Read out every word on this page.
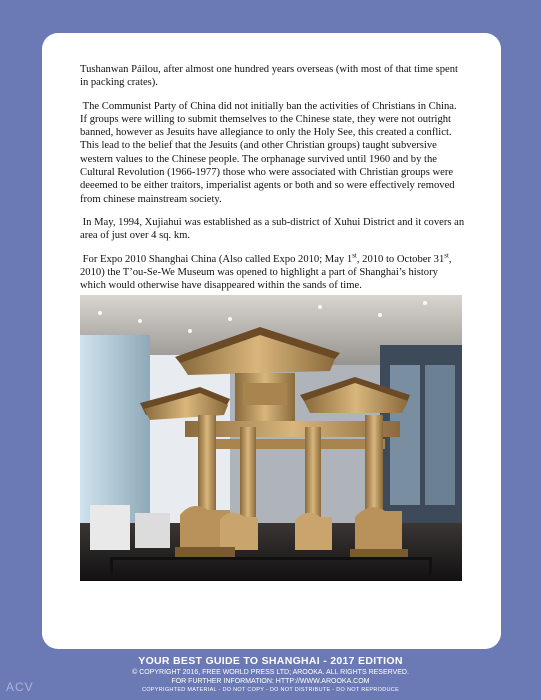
Tushanwan Páilou, after almost one hundred years overseas (with most of that time spent in packing crates).

The Communist Party of China did not initially ban the activities of Christians in China. If groups were willing to submit themselves to the Chinese state, they were not outright banned, however as Jesuits have allegiance to only the Holy See, this created a conflict. This lead to the belief that the Jesuits (and other Christian groups) taught subversive western values to the Chinese people. The orphanage survived until 1960 and by the Cultural Revolution (1966-1977) those who were associated with Christian groups were deeemed to be either traitors, imperialist agents or both and so were effectively removed from chinese mainstream society.

In May, 1994, Xujiahui was established as a sub-district of Xuhui District and it covers an area of just over 4 sq. km.

For Expo 2010 Shanghai China (Also called Expo 2010; May 1st, 2010 to October 31st, 2010) the T’ou-Se-We Museum was opened to highlight a part of Shanghai’s history which would otherwise have disappeared within the sands of time.

YOUR BEST GUIDE TO SHANGHAI - 2017 EDITION
© COPYRIGHT 2016, FREE WORLD PRESS LTD; AROOKA. ALL RIGHTS RESERVED.
FOR FURTHER INFORMATION: HTTP://WWW.AROOKA.COM
COPYRIGHTED MATERIAL - DO NOT COPY - DO NOT DISTRIBUTE - DO NOT REPRODUCE
ACV
